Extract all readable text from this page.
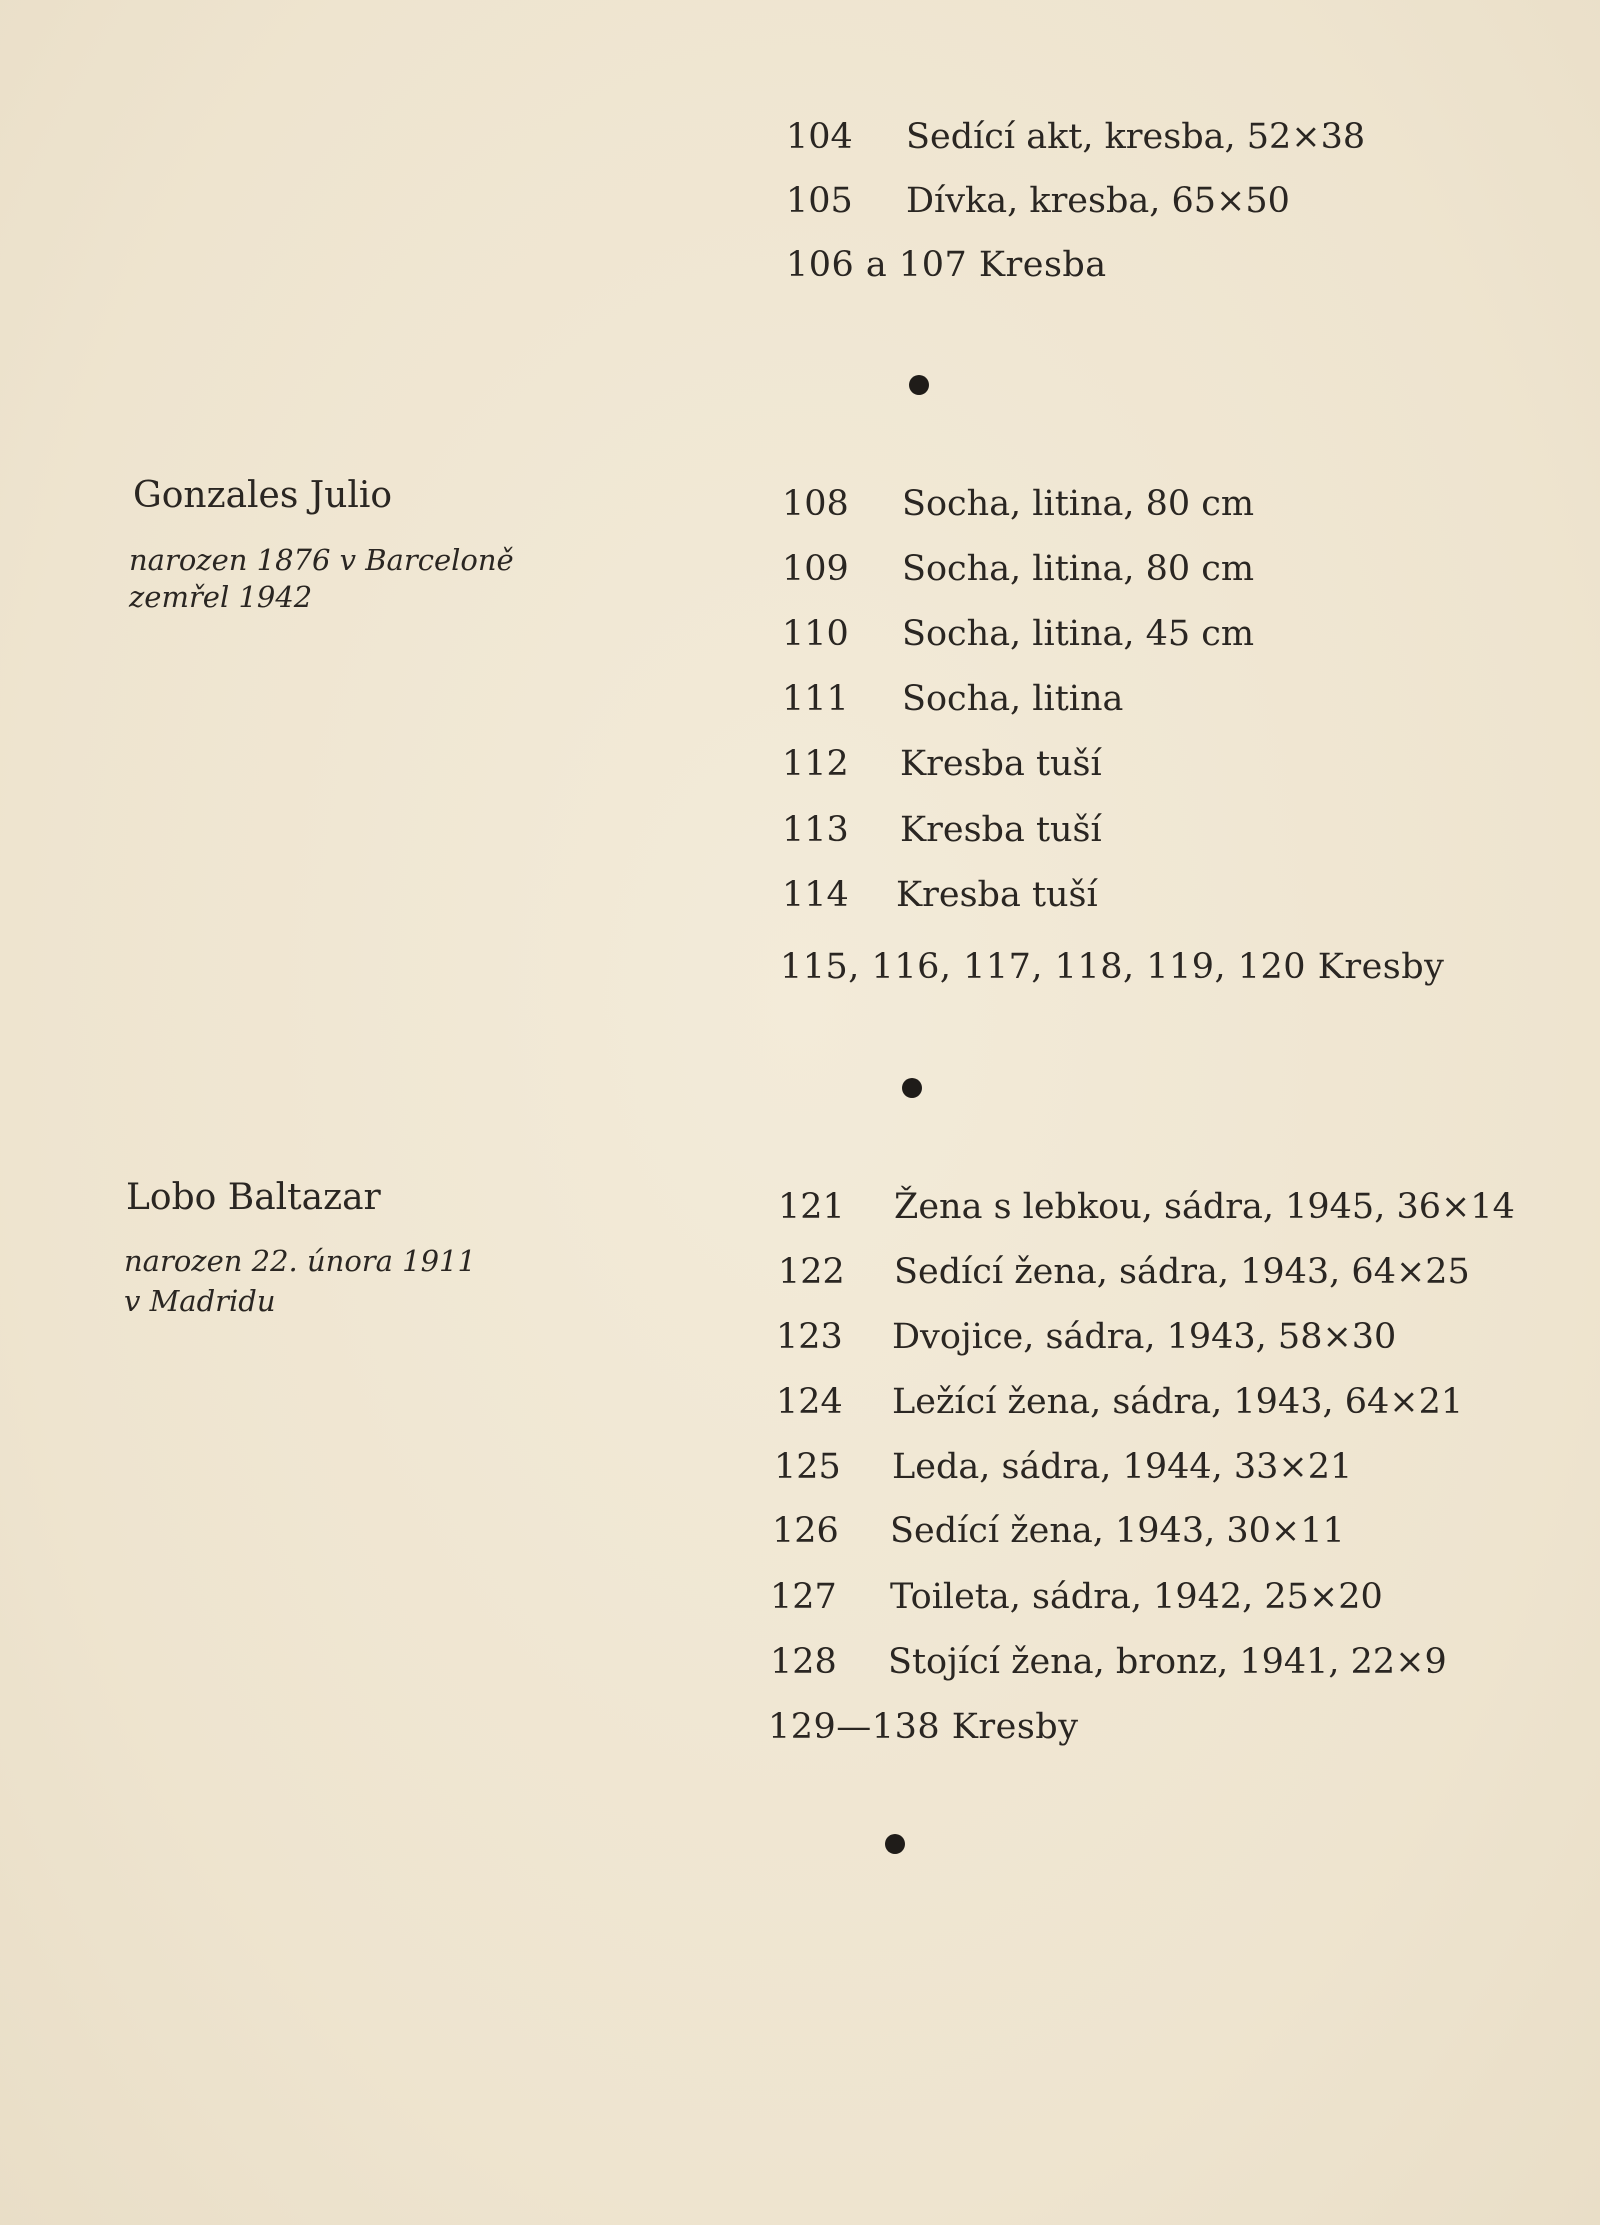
104 Sedící akt, kresba, 52×38
105 Dívka, kresba, 65×50
106 a 107 Kresba
Gonzales Julio
narozen 1876 v Barceloně
zemřel 1942
108 Socha, litina, 80 cm
109 Socha, litina, 80 cm
110 Socha, litina, 45 cm
111 Socha, litina
112 Kresba tuší
113 Kresba tuší
114 Kresba tuší
115, 116, 117, 118, 119, 120 Kresby
Lobo Baltazar
narozen 22. února 1911
v Madridu
121 Žena s lebkou, sádra, 1945, 36×14
122 Sedící žena, sádra, 1943, 64×25
123 Dvojice, sádra, 1943, 58×30
124 Ležící žena, sádra, 1943, 64×21
125 Leda, sádra, 1944, 33×21
126 Sedící žena, 1943, 30×11
127 Toileta, sádra, 1942, 25×20
128 Stojící žena, bronz, 1941, 22×9
129—138 Kresby
